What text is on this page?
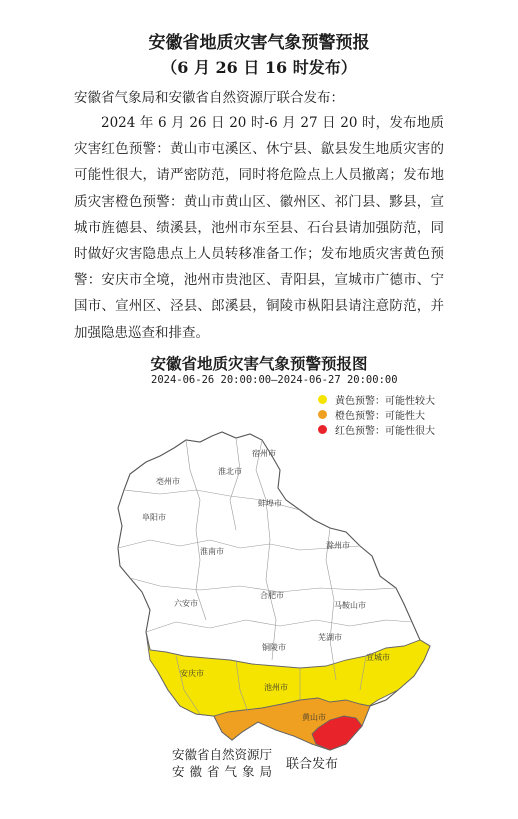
安徽省地质灾害气象预警预报
（6 月 26 日 16 时发布）
安徽省气象局和安徽省自然资源厅联合发布：
2024 年 6 月 26 日 20 时-6 月 27 日 20 时，发布地质灾害红色预警：黄山市屯溪区、休宁县、歙县发生地质灾害的可能性很大，请严密防范，同时将危险点上人员撤离；发布地质灾害橙色预警：黄山市黄山区、徽州区、祁门县、黟县，宣城市旌德县、绩溪县，池州市东至县、石台县请加强防范，同时做好灾害隐患点上人员转移准备工作；发布地质灾害黄色预警：安庆市全境，池州市贵池区、青阳县，宣城市广德市、宁国市、宣州区、泾县、郎溪县，铜陵市枞阳县请注意防范，并加强隐患巡查和排查。
安徽省地质灾害气象预警预报图
2024-06-26 20:00:00—2024-06-27 20:00:00
黄色预警：可能性较大
橙色预警：可能性大
红色预警：可能性很大
宿州市
淮北市
亳州市
阜阳市
蚌埠市
淮南市
滁州市
六安市
合肥市
马鞍山市
芜湖市
铜陵市
安庆市
池州市
宣城市
黄山市
安徽省自然资源厅
安徽省气象局 联合发布
